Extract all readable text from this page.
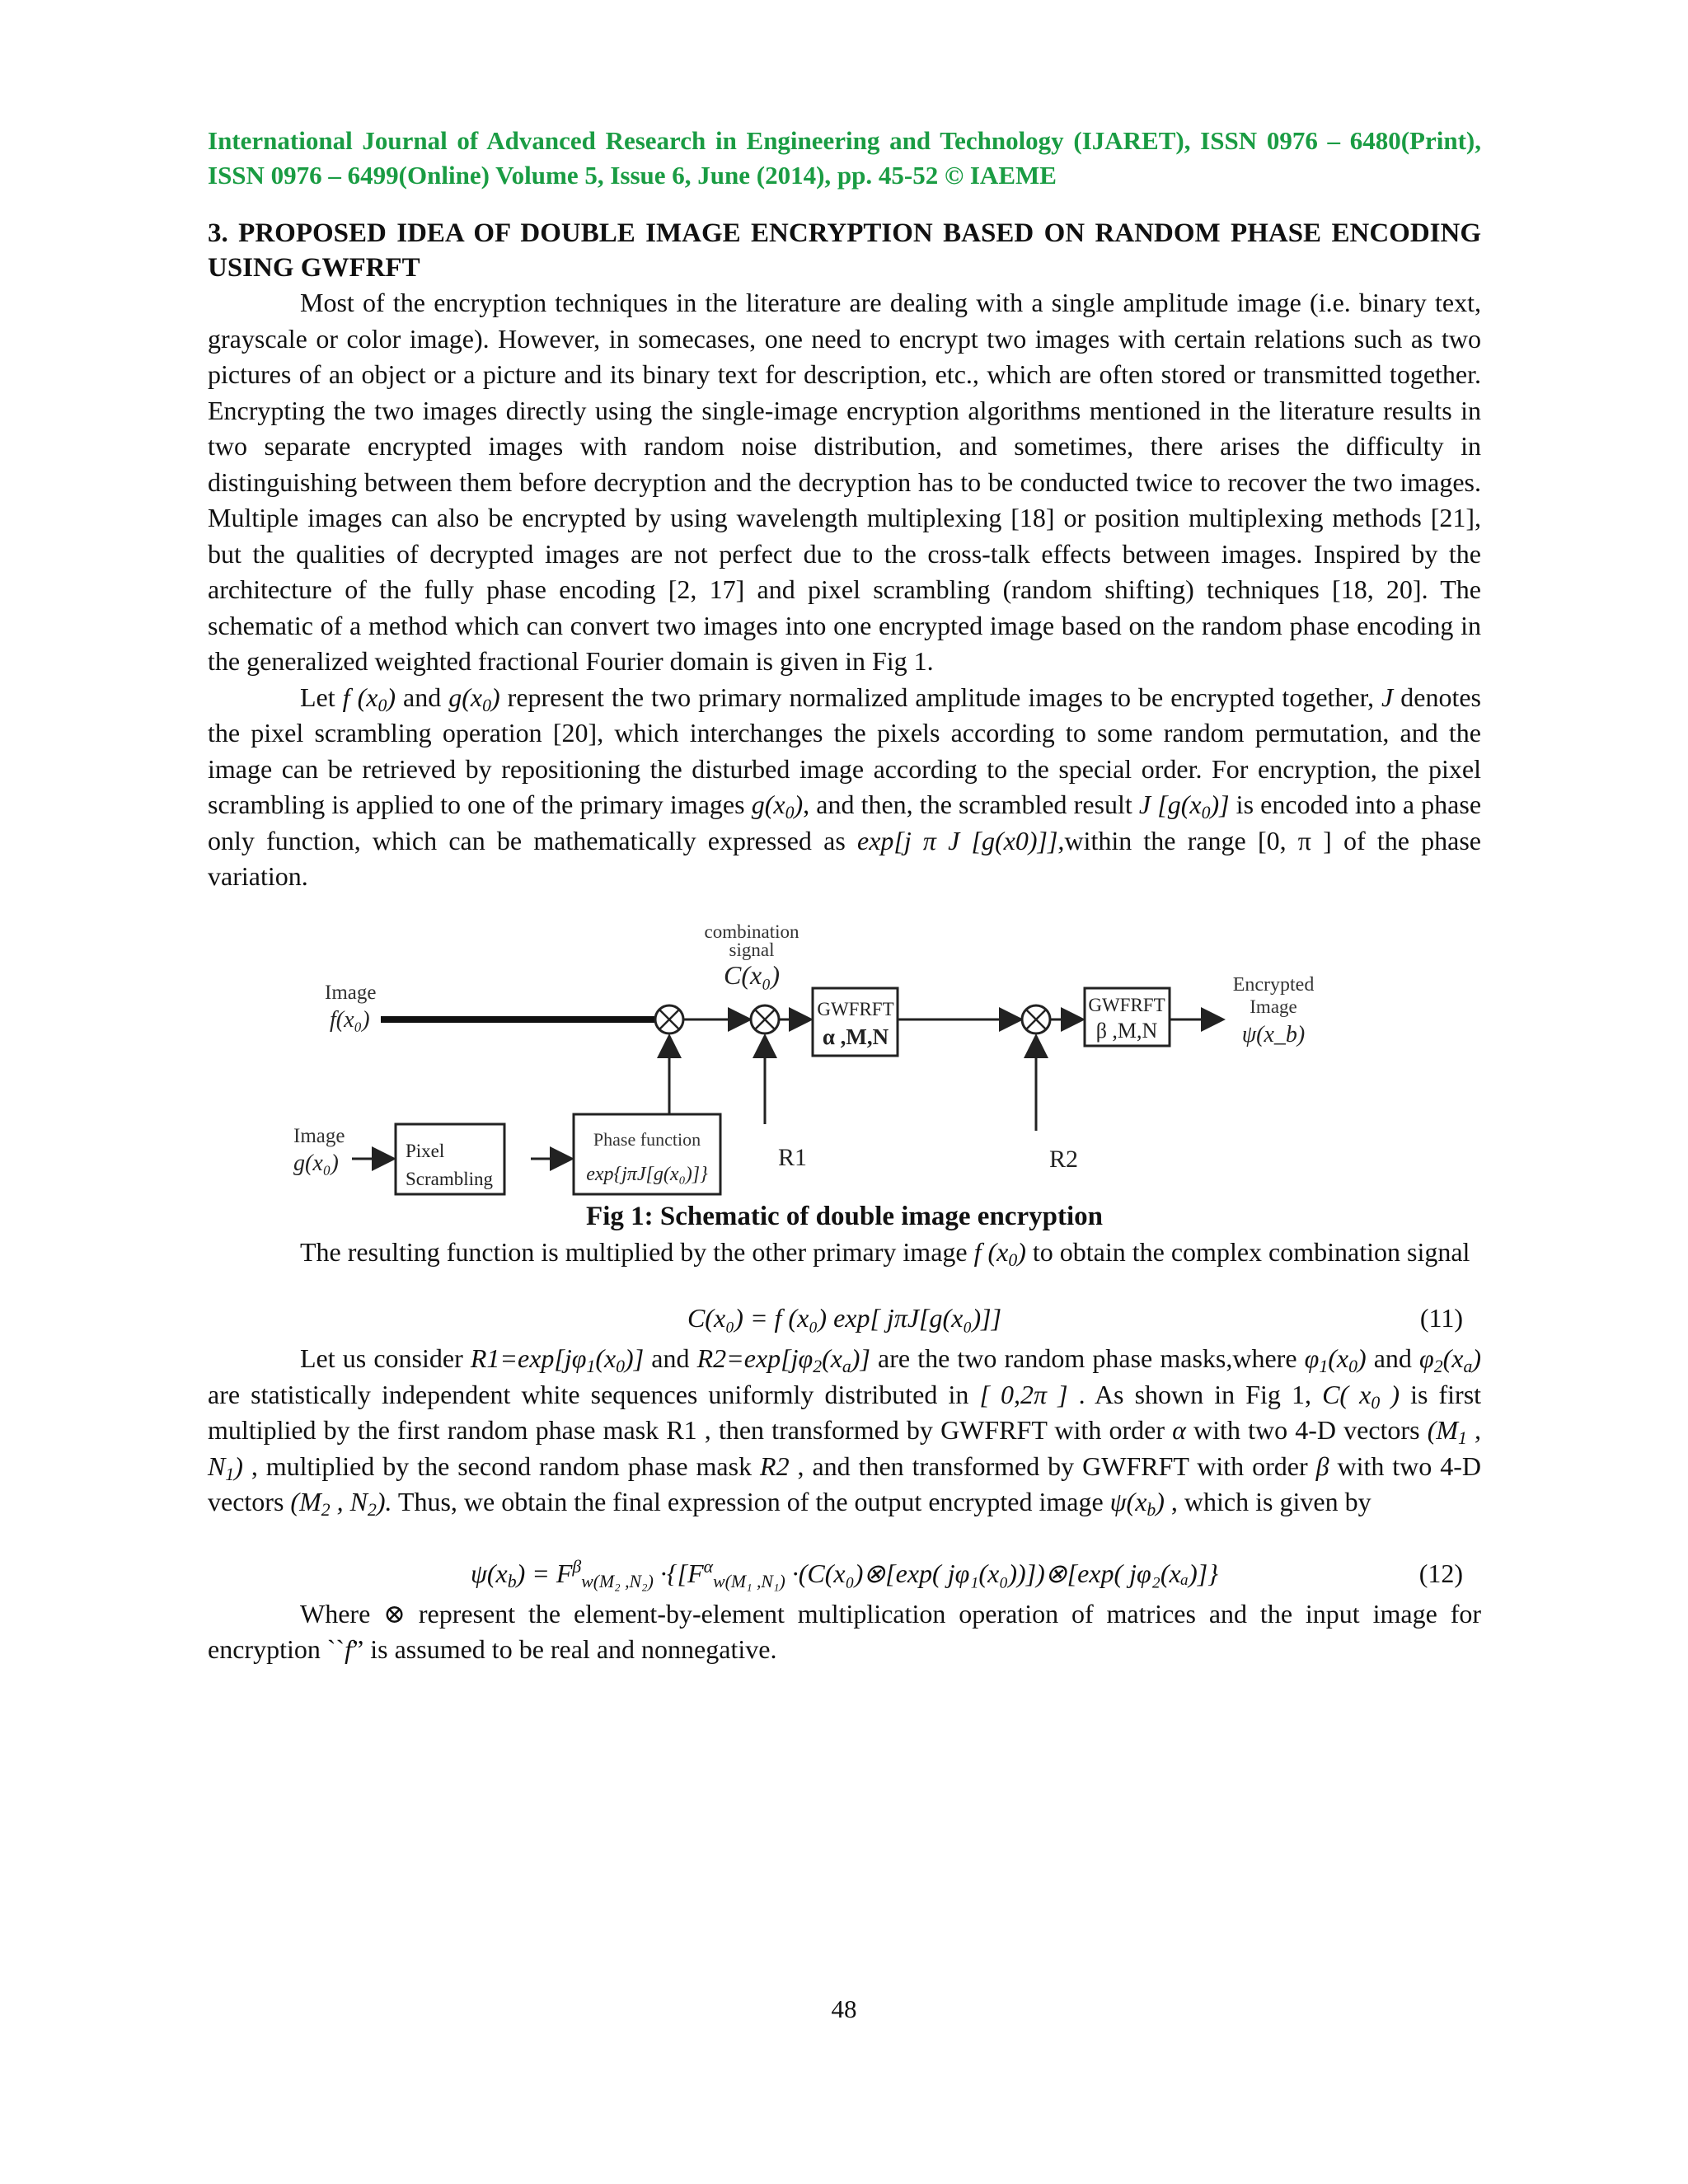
International Journal of Advanced Research in Engineering and Technology (IJARET), ISSN 0976 – 6480(Print), ISSN 0976 – 6499(Online) Volume 5, Issue 6, June (2014), pp. 45-52 © IAEME

3. PROPOSED IDEA OF DOUBLE IMAGE ENCRYPTION BASED ON RANDOM PHASE ENCODING USING GWFRFT

Most of the encryption techniques in the literature are dealing with a single amplitude image (i.e. binary text, grayscale or color image). However, in somecases, one need to encrypt two images with certain relations such as two pictures of an object or a picture and its binary text for description, etc., which are often stored or transmitted together. Encrypting the two images directly using the single-image encryption algorithms mentioned in the literature results in two separate encrypted images with random noise distribution, and sometimes, there arises the difficulty in distinguishing between them before decryption and the decryption has to be conducted twice to recover the two images. Multiple images can also be encrypted by using wavelength multiplexing [18] or position multiplexing methods [21], but the qualities of decrypted images are not perfect due to the cross-talk effects between images. Inspired by the architecture of the fully phase encoding [2, 17] and pixel scrambling (random shifting) techniques [18, 20]. The schematic of a method which can convert two images into one encrypted image based on the random phase encoding in the generalized weighted fractional Fourier domain is given in Fig 1.

Let f $(x_0)$ and $g(x_0)$ represent the two primary normalized amplitude images to be encrypted together, J denotes the pixel scrambling operation [20], which interchanges the pixels according to some random permutation, and the image can be retrieved by repositioning the disturbed image according to the special order. For encryption, the pixel scrambling is applied to one of the primary images $g(x_0)$, and then, the scrambled result J $[g(x_0)]$ is encoded into a phase only function, which can be mathematically expressed as exp[j π J [g(x0)]],within the range [0, π ] of the phase variation.

combination
signal
C(x₀)
Image
f(x₀)	GWFRFT
α ,M,N
GWFRFT
β ,M,N
Encrypted
Image
ψ(x_b)
Image
g(x₀)	Pixel
Scrambling
Phase function
exp{jπJ[g(x₀)]}
R1	R2
Fig 1: Schematic of double image encryption

The resulting function is multiplied by the other primary image f $(x_0)$ to obtain the complex combination signal

C(x₀) = f (x₀) exp[ jπJ[g(x₀)]]	(11)

Let us consider $R1=\exp[j\varphi_1(x_0)]$ and $R2=\exp[j\varphi_2(x_a)]$ are the two random phase masks,where $\varphi_1(x_0)$ and $\varphi_2(x_a)$ are statistically independent white sequences uniformly distributed in [ 0,2π ] . As shown in Fig 1, C( $x_0$ ) is first multiplied by the first random phase mask R1 , then transformed by GWFRFT with order α with two 4-D vectors ($M_1$ , $N_1$) , multiplied by the second random phase mask R2 , and then transformed by GWFRFT with order β with two 4-D vectors ($M_2$ , $N_2$). Thus, we obtain the final expression of the output encrypted image $\psi(x_b)$ , which is given by

$\psi(x_b) = F^\beta_{w(M_2 ,N_2)} \cdot\{[F^\alpha_{w(M_1 ,N_1)}$ ·(C(x₀)⊗[exp( jφ₁(x₀))])⊗[exp( jφ₂(xₐ)]}	(12)

Where ⊗ represent the element-by-element multiplication operation of matrices and the input image for encryption ``f” is assumed to be real and nonnegative.

48
